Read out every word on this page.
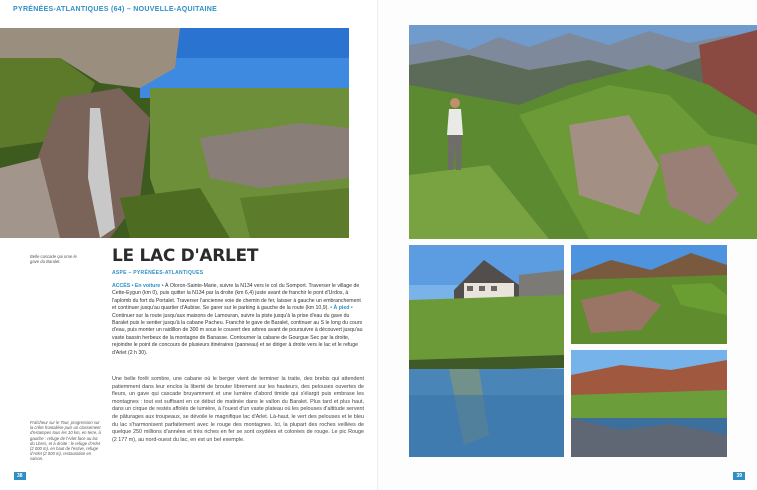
PYRÉNÉES-ATLANTIQUES (64) – NOUVELLE-AQUITAINE
Belle cascade qui orne le gave du Baralet.	LE LAC D'ARLET
ASPE – PYRÉNÉES-ATLANTIQUES
ACCÈS • En voiture • À Oloron-Sainte-Marie, suivre la N134 vers le col du Somport. Traverser le village de Cette-Eygun (km 0), puis quitter la N134 par la droite (km 6,4) juste avant de franchir le pont d'Urdos, à l'aplomb du fort du Portalet. Traverser l'ancienne voie de chemin de fer, laisser à gauche un embranchement et continuer jusqu'au quartier d'Aubise. Se garer sur le parking à gauche de la route (km 10,9). • À pied • Continuer sur la route jusqu'aux maisons de Lamouran, suivre la piste jusqu'à la prise d'eau du gave du Baralet puis le sentier jusqu'à la cabane Pacheu. Franchir le gave de Baralet, continuer au S le long du cours d'eau, puis monter un raidillon de 300 m sous le couvert des arbres avant de poursuivre à découvert jusqu'au vaste bassin herbeux de la montagne de Banasse. Contourner la cabane de Gourgue Sec par la droite, rejoindre le point de concours de plusieurs itinéraires (panneau) et se diriger à droite vers le lac et le refuge d'Arlet (2 h 30).
Une belle forêt sombre, une cabane où le berger vient de terminer la traite, des brebis qui attendent patiemment dans leur enclos la liberté de brouter librement sur les hauteurs, des pelouses ouvertes de fleurs, un gave qui cascade bruyamment et une lumière d'abord timide qui s'élargit puis embrase les montagnes : tout est suffisant en ce début de matinée dans le vallon du Baralet. Plus tard et plus haut, dans un cirque de restés affolés de lumière, à l'ouest d'un vaste plateau où les pelouses d'altitude servent de pâturages aux troupeaux, se dévoile le magnifique lac d'Arlet. Là-haut, le vert des pelouses et le bleu du lac s'harmonisent parfaitement avec le rouge des montagnes. Ici, la plupart des roches veillées de quelque 250 millions d'années et très riches en fer se sont oxydées et colorées de rouge. Le pic Rouge (2 177 m), au nord-ouest du lac, en est un bel exemple.
Fraîcheur sur le Tour, progression sur la crête frontalière puis un classement d'estampes tous les 10 km, en terre, à gauche : refuge de l'Arlet face au lac du Lhers, et à droite : le refuge d'Arlet (2 000 m), en haut de l'estive, refuge d'Arlet (2 000 m), restauration en saison.
38	39
